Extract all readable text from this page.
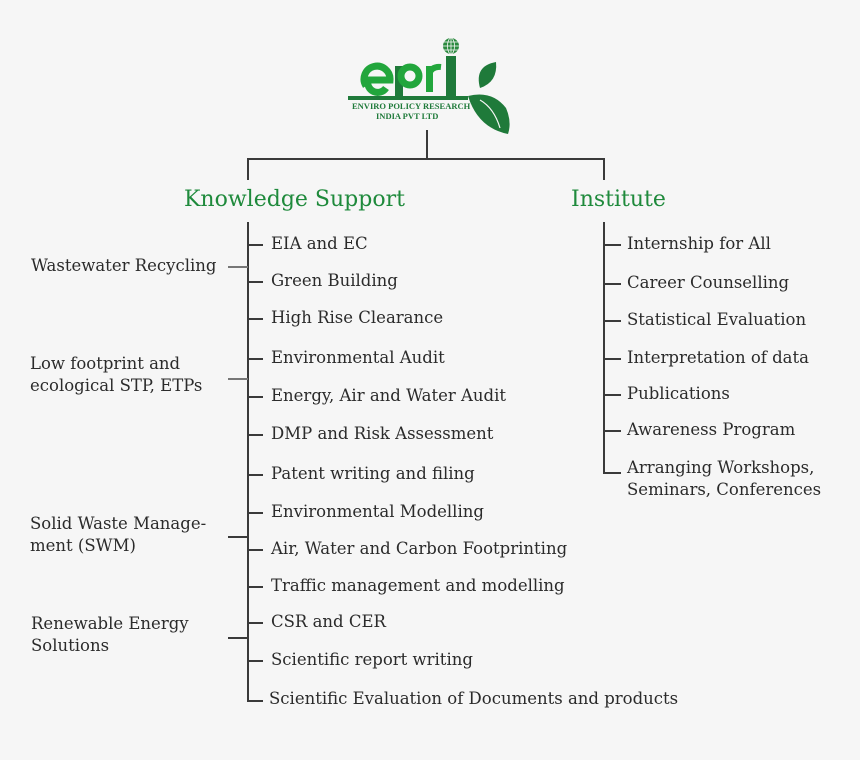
ENVIRO POLICY RESEARCH
INDIA PVT LTD
Knowledge Support	Institute
EIA and EC
Green Building
High Rise Clearance
Environmental Audit
Energy, Air and Water Audit
DMP and Risk Assessment
Patent writing and filing
Environmental Modelling
Air, Water and Carbon Footprinting
Traffic management and modelling
CSR and CER
Scientific report writing
Scientific Evaluation of Documents and products
Wastewater Recycling
Low footprint and
ecological STP, ETPs
Solid Waste Manage-
ment (SWM)
Renewable Energy
Solutions
Internship for All
Career Counselling
Statistical Evaluation
Interpretation of data
Publications
Awareness Program
Arranging Workshops,
Seminars, Conferences
